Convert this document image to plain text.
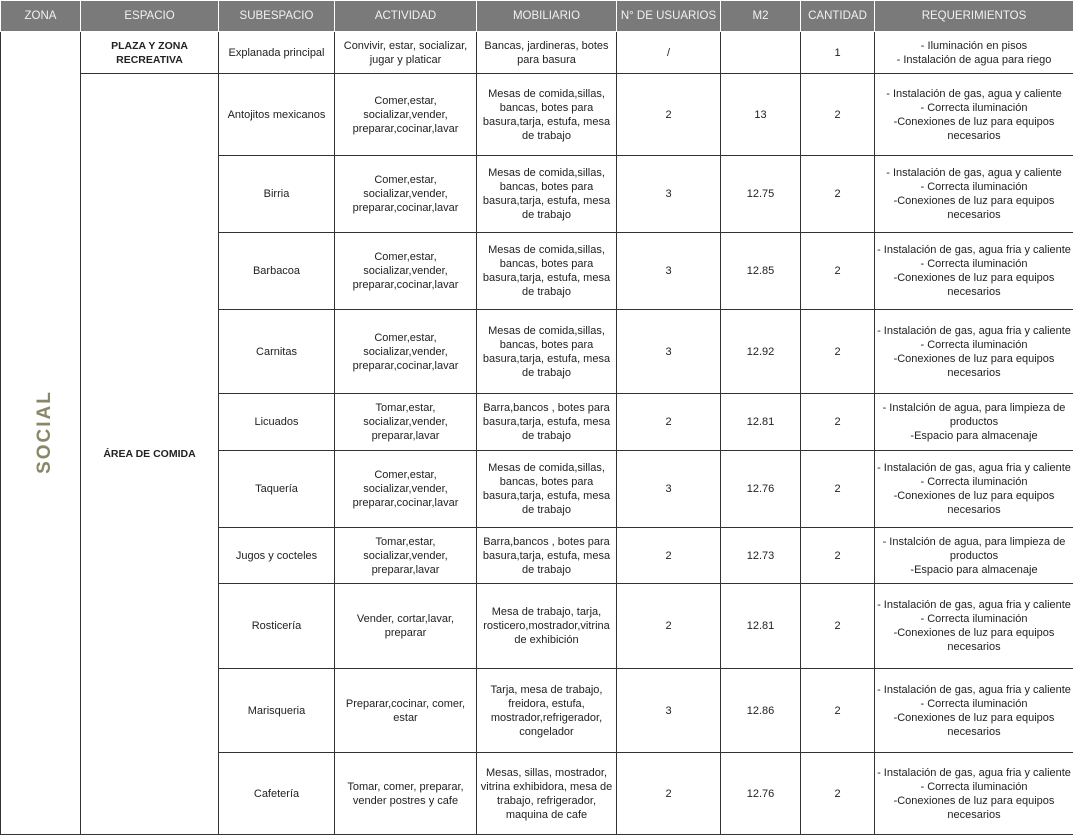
ZONA	ESPACIO	SUBESPACIO	ACTIVIDAD	MOBILIARIO	N° DE USUARIOS	M2	CANTIDAD	REQUERIMIENTOS
SOCIAL	PLAZA Y ZONA RECREATIVA	Explanada principal	Convivir, estar, socializar, jugar y platicar	Bancas, jardineras, botes para basura	/		1	- Iluminación en pisos
- Instalación de agua para riego

	ÁREA DE COMIDA	Antojitos mexicanos	Comer,estar, socializar,vender, preparar,cocinar,lavar	Mesas de comida,sillas, bancas, botes para basura,tarja, estufa, mesa de trabajo	2	13	2	- Instalación de gas, agua y caliente
- Correcta iluminación
-Conexiones de luz para equipos necesarios

		Birria	Comer,estar, socializar,vender, preparar,cocinar,lavar	Mesas de comida,sillas, bancas, botes para basura,tarja, estufa, mesa de trabajo	3	12.75	2	- Instalación de gas, agua y caliente
- Correcta iluminación
-Conexiones de luz para equipos necesarios

		Barbacoa	Comer,estar, socializar,vender, preparar,cocinar,lavar	Mesas de comida,sillas, bancas, botes para basura,tarja, estufa, mesa de trabajo	3	12.85	2	- Instalación de gas, agua fria y caliente
- Correcta iluminación
-Conexiones de luz para equipos necesarios

		Carnitas	Comer,estar, socializar,vender, preparar,cocinar,lavar	Mesas de comida,sillas, bancas, botes para basura,tarja, estufa, mesa de trabajo	3	12.92	2	- Instalación de gas, agua fria y caliente
- Correcta iluminación
-Conexiones de luz para equipos necesarios

		Licuados	Tomar,estar, socializar,vender, preparar,lavar	Barra,bancos , botes para basura,tarja, estufa, mesa de trabajo	2	12.81	2	- Instalción de agua, para limpieza de productos
-Espacio para almacenaje

		Taquería	Comer,estar, socializar,vender, preparar,cocinar,lavar	Mesas de comida,sillas, bancas, botes para basura,tarja, estufa, mesa de trabajo	3	12.76	2	- Instalación de gas, agua fria y caliente
- Correcta iluminación
-Conexiones de luz para equipos necesarios

		Jugos y cocteles	Tomar,estar, socializar,vender, preparar,lavar	Barra,bancos , botes para basura,tarja, estufa, mesa de trabajo	2	12.73	2	- Instalción de agua, para limpieza de productos
-Espacio para almacenaje

		Rosticería	Vender, cortar,lavar, preparar	Mesa de trabajo, tarja, rosticero,mostrador,vitrina de exhibición	2	12.81	2	- Instalación de gas, agua fria y caliente
- Correcta iluminación
-Conexiones de luz para equipos necesarios

		Marisqueria	Preparar,cocinar, comer, estar	Tarja, mesa de trabajo, freidora, estufa, mostrador,refrigerador, congelador	3	12.86	2	- Instalación de gas, agua fria y caliente
- Correcta iluminación
-Conexiones de luz para equipos necesarios

		Cafetería	Tomar, comer, preparar, vender postres y cafe	Mesas, sillas, mostrador, vitrina exhibidora, mesa de trabajo, refrigerador, maquina de cafe	2	12.76	2	- Instalación de gas, agua fria y caliente
- Correcta iluminación
-Conexiones de luz para equipos necesarios
